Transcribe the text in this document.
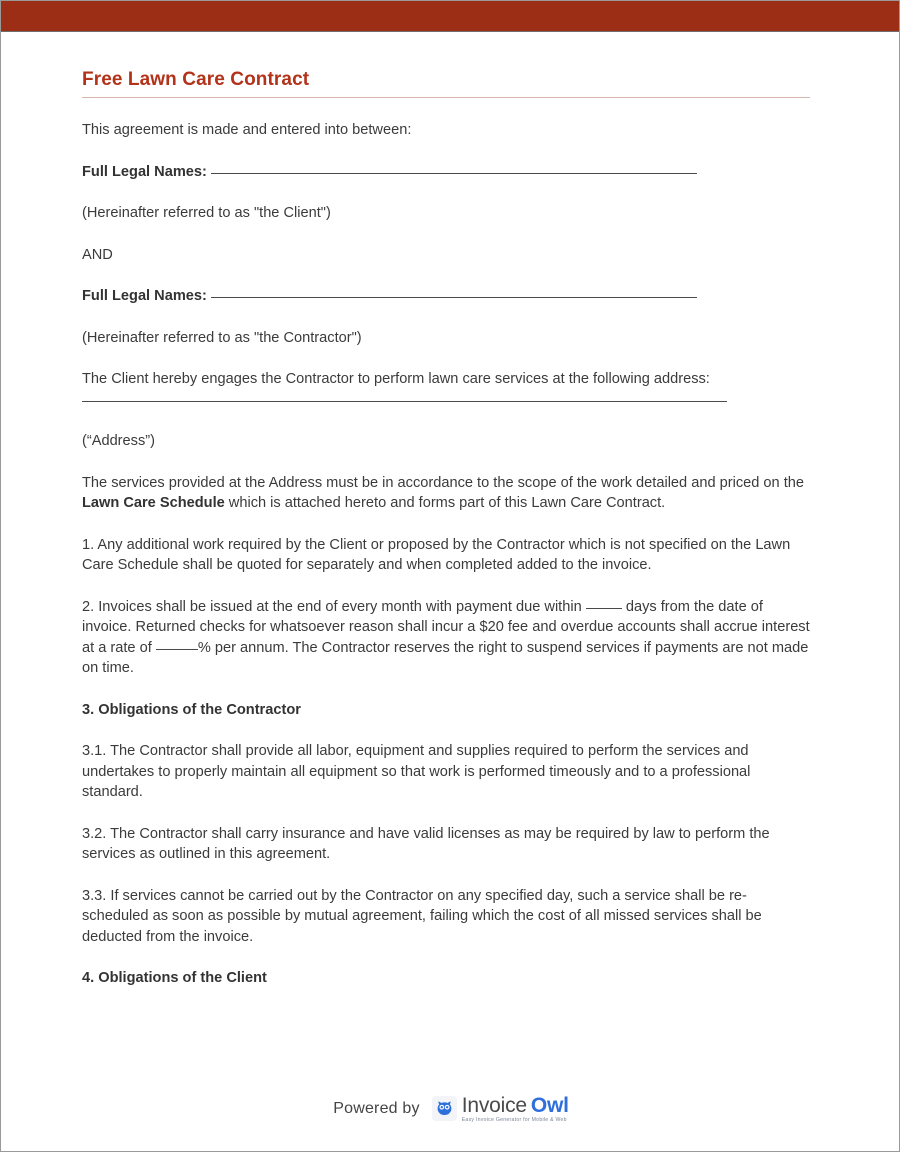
Free Lawn Care Contract

This agreement is made and entered into between:

Full Legal Names:

(Hereinafter referred to as "the Client")

AND

Full Legal Names:

(Hereinafter referred to as "the Contractor")

The Client hereby engages the Contractor to perform lawn care services at the following address:

(“Address”)

The services provided at the Address must be in accordance to the scope of the work detailed and priced on the Lawn Care Schedule which is attached hereto and forms part of this Lawn Care Contract.

1. Any additional work required by the Client or proposed by the Contractor which is not specified on the Lawn Care Schedule shall be quoted for separately and when completed added to the invoice.

2. Invoices shall be issued at the end of every month with payment due within  days from the date of invoice. Returned checks for whatsoever reason shall incur a $20 fee and overdue accounts shall accrue interest at a rate of	% per annum. The Contractor reserves the right to suspend services if payments are not made on time.

3. Obligations of the Contractor

3.1. The Contractor shall provide all labor, equipment and supplies required to perform the services and undertakes to properly maintain all equipment so that work is performed timeously and to a professional standard.

3.2. The Contractor shall carry insurance and have valid licenses as may be required by law to perform the services as outlined in this agreement.

3.3. If services cannot be carried out by the Contractor on any specified day, such a service shall be re-scheduled as soon as possible by mutual agreement, failing which the cost of all missed services shall be deducted from the invoice.

4. Obligations of the Client

Powered by Invoice Owl
Easy Invoice Generator for Mobile & Web
